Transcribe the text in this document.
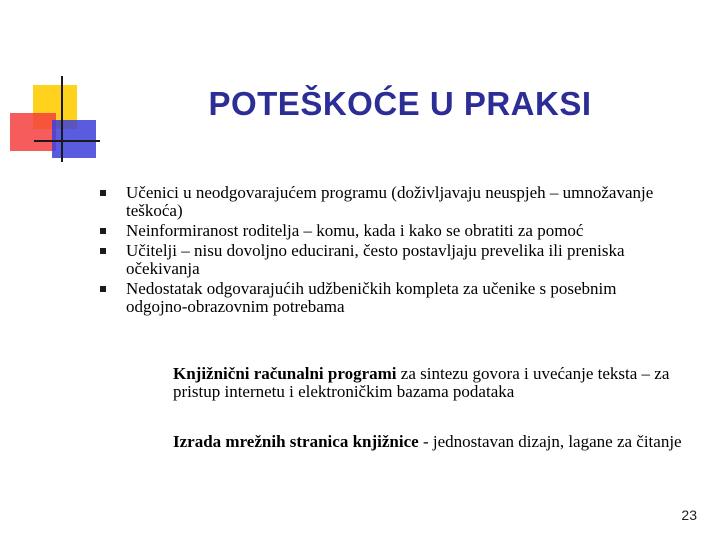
POTEŠKOĆE U PRAKSI
Učenici u neodgovarajućem programu (doživljavaju neuspjeh – umnožavanje teškoća)
Neinformiranost roditelja – komu, kada i kako se obratiti za pomoć
Učitelji – nisu dovoljno educirani, često postavljaju prevelika ili preniska očekivanja
Nedostatak odgovarajućih udžbeničkih kompleta za učenike s posebnim odgojno-obrazovnim potrebama

Knjižnični računalni programi za sintezu govora i uvećanje teksta – za pristup internetu i elektroničkim bazama podataka

Izrada mrežnih stranica knjižnice - jednostavan dizajn, lagane za čitanje

23
